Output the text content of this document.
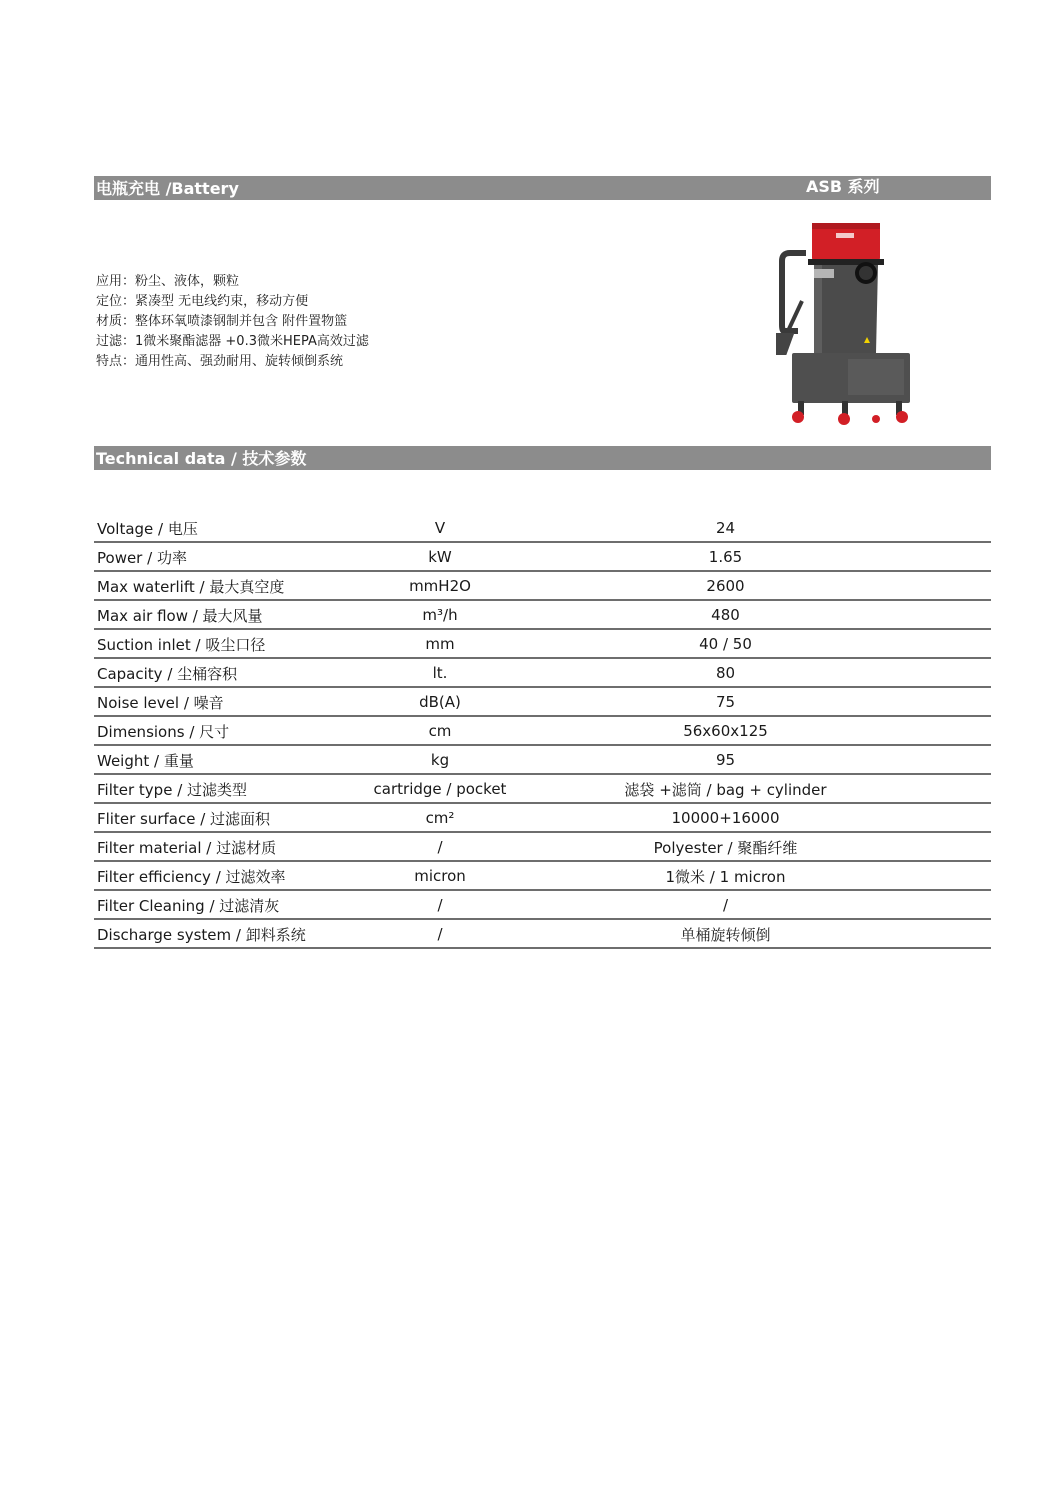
电瓶充电 /Battery	ASB 系列
应用：粉尘、液体，颗粒
定位：紧凑型 无电线约束，移动方便
材质：整体环氧喷漆钢制并包含 附件置物篮
过滤：1微米聚酯滤器 +0.3微米HEPA高效过滤
特点：通用性高、强劲耐用、旋转倾倒系统
Technical data / 技术参数
Voltage / 电压	V	24
Power / 功率	kW	1.65
Max waterlift / 最大真空度	mmH2O	2600
Max air flow / 最大风量	m³/h	480
Suction inlet / 吸尘口径	mm	40 / 50
Capacity / 尘桶容积	lt.	80
Noise level / 噪音	dB(A)	75
Dimensions / 尺寸	cm	56x60x125
Weight / 重量	kg	95
Filter type / 过滤类型	cartridge / pocket	滤袋 +滤筒 / bag + cylinder
Fliter surface / 过滤面积	cm²	10000+16000
Filter material / 过滤材质	/	Polyester / 聚酯纤维
Filter efficiency / 过滤效率	micron	1微米 / 1 micron
Filter Cleaning / 过滤清灰	/	/
Discharge system / 卸料系统	/	单桶旋转倾倒
